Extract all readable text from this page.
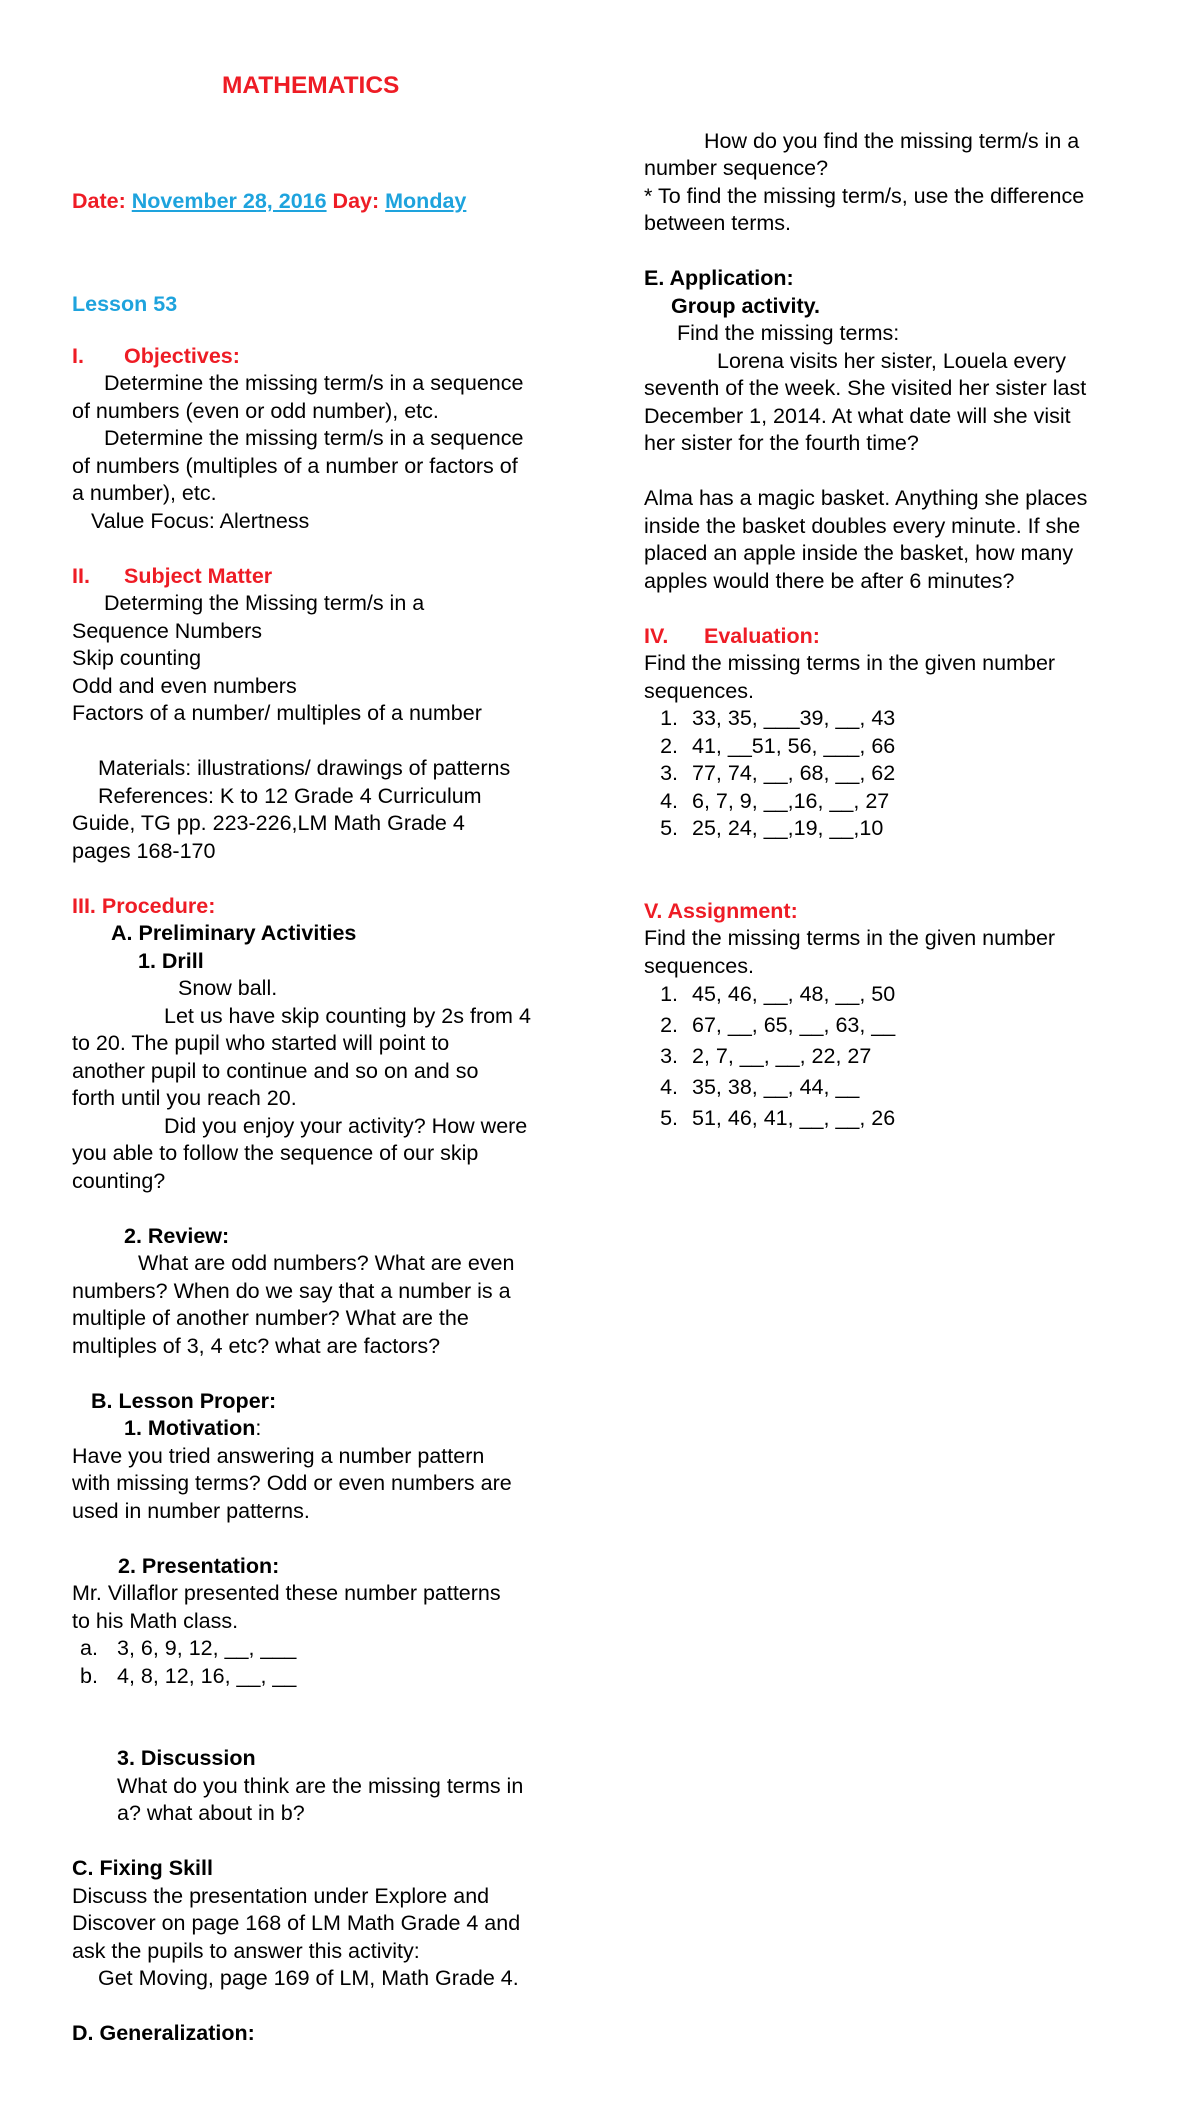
MATHEMATICS
Date: November 28, 2016 Day: Monday
Lesson 53
I. Objectives:
Determine the missing term/s in a sequence
of numbers (even or odd number), etc.
Determine the missing term/s in a sequence
of numbers (multiples of a number or factors of
a number), etc.
Value Focus: Alertness
II. Subject Matter
Determing the Missing term/s in a
Sequence Numbers
Skip counting
Odd and even numbers
Factors of a number/ multiples of a number
Materials: illustrations/ drawings of patterns
References: K to 12 Grade 4 Curriculum
Guide, TG pp. 223-226,LM Math Grade 4
pages 168-170
III. Procedure:
A. Preliminary Activities
1. Drill
Snow ball.
Let us have skip counting by 2s from 4
to 20. The pupil who started will point to
another pupil to continue and so on and so
forth until you reach 20.
Did you enjoy your activity? How were
you able to follow the sequence of our skip
counting?
2. Review:
What are odd numbers? What are even
numbers? When do we say that a number is a
multiple of another number? What are the
multiples of 3, 4 etc? what are factors?
B. Lesson Proper:
1. Motivation:
Have you tried answering a number pattern
with missing terms? Odd or even numbers are
used in number patterns.
2. Presentation:
Mr. Villaflor presented these number patterns
to his Math class.
a. 3, 6, 9, 12, __, ___
b. 4, 8, 12, 16, __, __
3. Discussion
What do you think are the missing terms in
a? what about in b?
C. Fixing Skill
Discuss the presentation under Explore and
Discover on page 168 of LM Math Grade 4 and
ask the pupils to answer this activity:
Get Moving, page 169 of LM, Math Grade 4.
D. Generalization:
How do you find the missing term/s in a
number sequence?
* To find the missing term/s, use the difference
between terms.
E. Application:
Group activity.
Find the missing terms:
Lorena visits her sister, Louela every
seventh of the week. She visited her sister last
December 1, 2014. At what date will she visit
her sister for the fourth time?
Alma has a magic basket. Anything she places
inside the basket doubles every minute. If she
placed an apple inside the basket, how many
apples would there be after 6 minutes?
IV. Evaluation:
Find the missing terms in the given number
sequences.
1. 33, 35, ___39, __, 43
2. 41, __51, 56, ___, 66
3. 77, 74, __, 68, __, 62
4. 6, 7, 9, __,16, __, 27
5. 25, 24, __,19, __,10
V. Assignment:
Find the missing terms in the given number
sequences.
1. 45, 46, __, 48, __, 50
2. 67, __, 65, __, 63, __
3. 2, 7, __, __, 22, 27
4. 35, 38, __, 44, __
5. 51, 46, 41, __, __, 26
